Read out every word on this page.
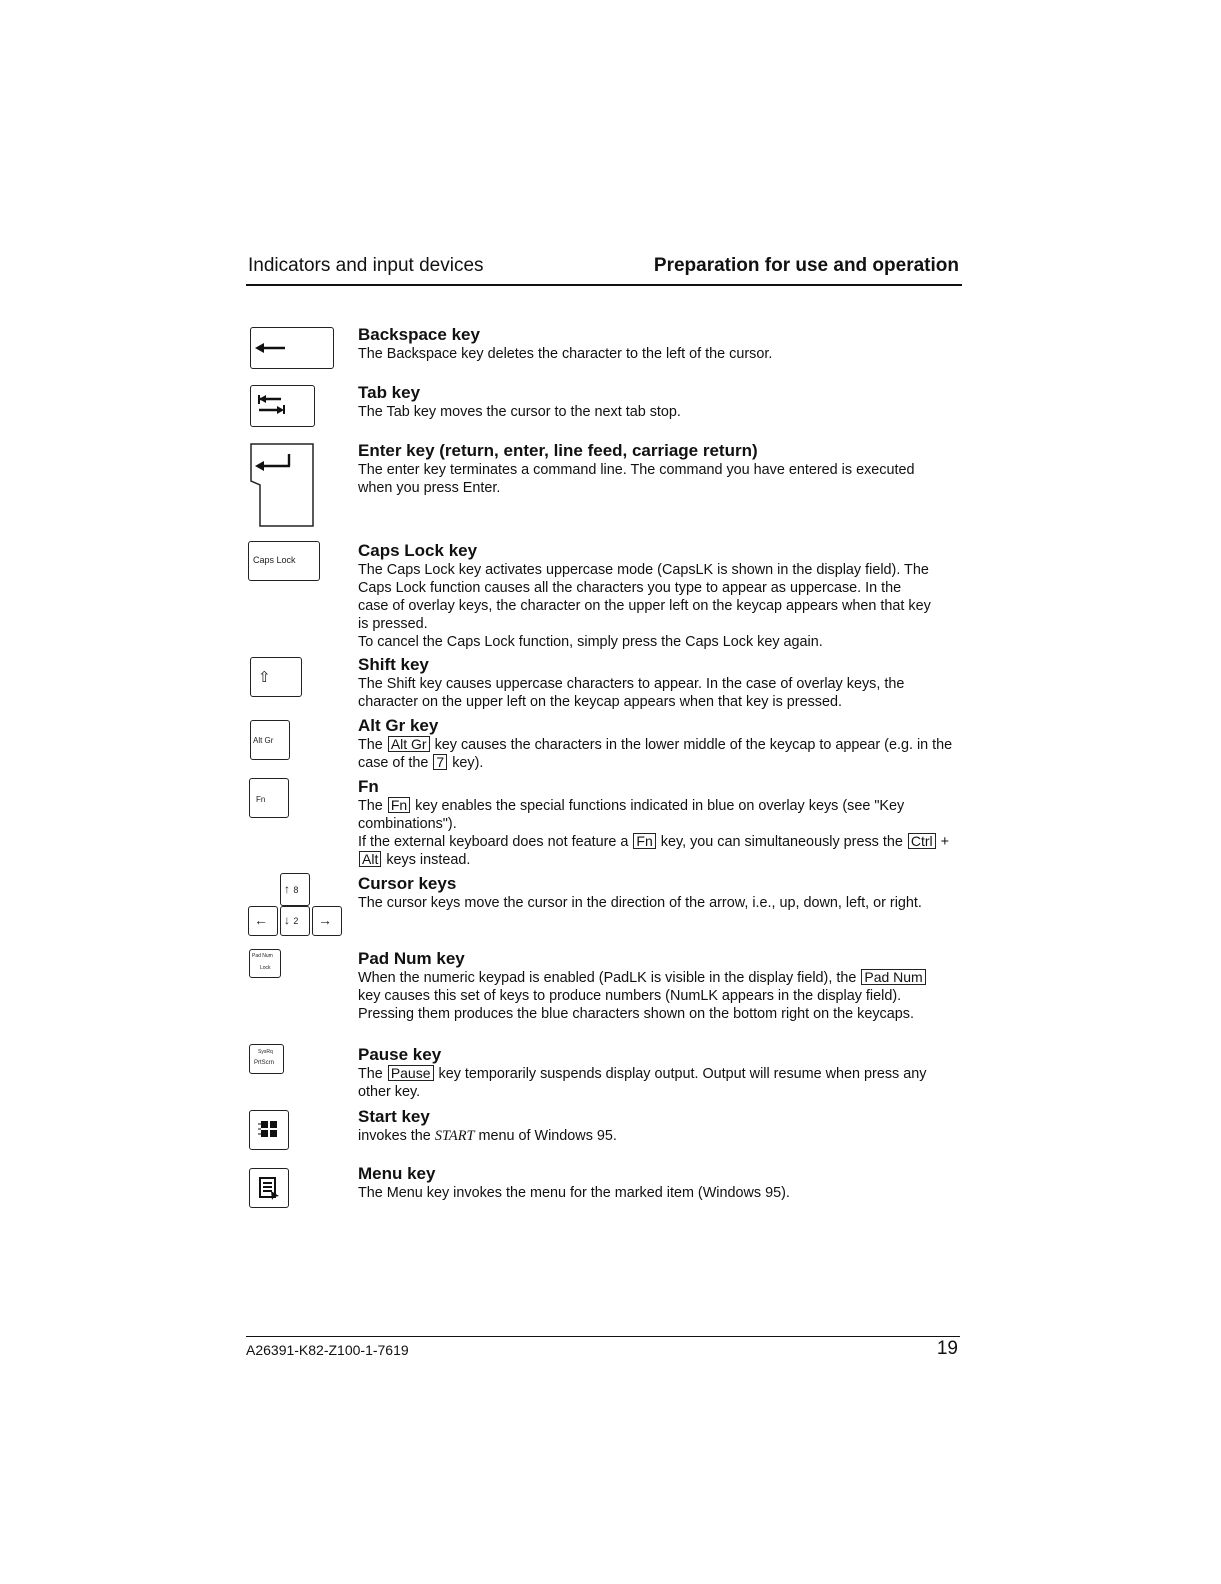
Indicators and input devices	Preparation for use and operation
Caps Lock
⇧
Alt Gr
Fn
↑ 8
← ↓ 2 →
Pad Num
Lock
SysRq
PrtScrn

Backspace key

The Backspace key deletes the character to the left of the cursor.

Tab key

The Tab key moves the cursor to the next tab stop.

Enter key (return, enter, line feed, carriage return)

The enter key terminates a command line. The command you have entered is executed when you press Enter.

Caps Lock key

The Caps Lock key activates uppercase mode (CapsLK is shown in the display field). The Caps Lock function causes all the characters you type to appear as uppercase. In the case of overlay keys, the character on the upper left on the keycap appears when that key is pressed.

To cancel the Caps Lock function, simply press the Caps Lock key again.

Shift key

The Shift key causes uppercase characters to appear. In the case of overlay keys, the character on the upper left on the keycap appears when that key is pressed.

Alt Gr key

The Alt Gr key causes the characters in the lower middle of the keycap to appear (e.g. in the case of the 7 key).

Fn

The Fn key enables the special functions indicated in blue on overlay keys (see "Key combinations").

If the external keyboard does not feature a Fn key, you can simultaneously press the Ctrl + Alt keys instead.

Cursor keys

The cursor keys move the cursor in the direction of the arrow, i.e., up, down, left, or right.

Pad Num key

When the numeric keypad is enabled (PadLK is visible in the display field), the Pad Num key causes this set of keys to produce numbers (NumLK appears in the display field). Pressing them produces the blue characters shown on the bottom right on the keycaps.

Pause key

The Pause key temporarily suspends display output. Output will resume when press any other key.

Start key

invokes the START menu of Windows 95.

Menu key

The Menu key invokes the menu for the marked item (Windows 95).

A26391-K82-Z100-1-7619	19
